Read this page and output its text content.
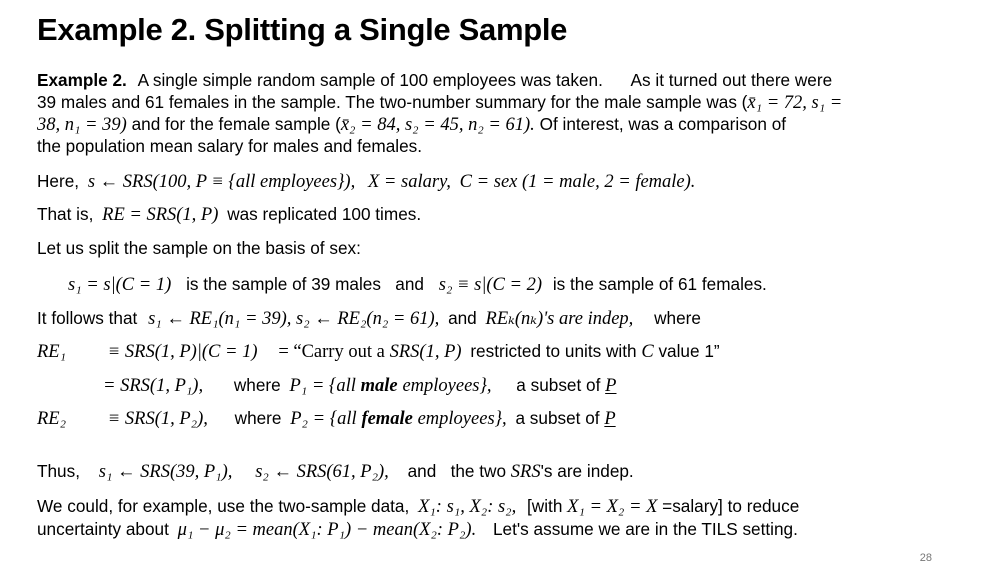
Example 2. Splitting a Single Sample
Example 2. A single simple random sample of 100 employees was taken.      As it turned out there were
39 males and 61 females in the sample. The two-number summary for the male sample was (x̄₁ = 72, s₁ =
38, n₁ = 39) and for the female sample (x̄₂ = 84, s₂ = 45, n₂ = 61). Of interest, was a comparison of
the population mean salary for males and females.
Here, s ← SRS(100, P ≡ {all employees}), X = salary, C = sex (1 = male, 2 = female).
That is, RE = SRS(1, P) was replicated 100 times.
Let us split the sample on the basis of sex:
s₁ = s|(C = 1) is the sample of 39 males   and s₂ ≡ s|(C = 2) is the sample of 61 females.
It follows that s₁ ← RE₁(n₁ = 39), s₂ ← RE₂(n₂ = 61), and REₖ(nₖ)'s are indep, where
RE₁ ≡ SRS(1, P)|(C = 1) = “Carry out a SRS(1, P) restricted to units with C value 1”
= SRS(1, P₁), where P₁ = {all male employees}, a subset of P
RE₂ ≡ SRS(1, P₂), where P₂ = {all female employees}, a subset of P
Thus, s₁ ← SRS(39, P₁), s₂ ← SRS(61, P₂), and   the two SRS's are indep.
We could, for example, use the two-sample data, X₁: s₁, X₂: s₂, [with X₁ = X₂ = X =salary] to reduce
uncertainty about μ₁ − μ₂ = mean(X₁: P₁) − mean(X₂: P₂). Let's assume we are in the TILS setting.
28
